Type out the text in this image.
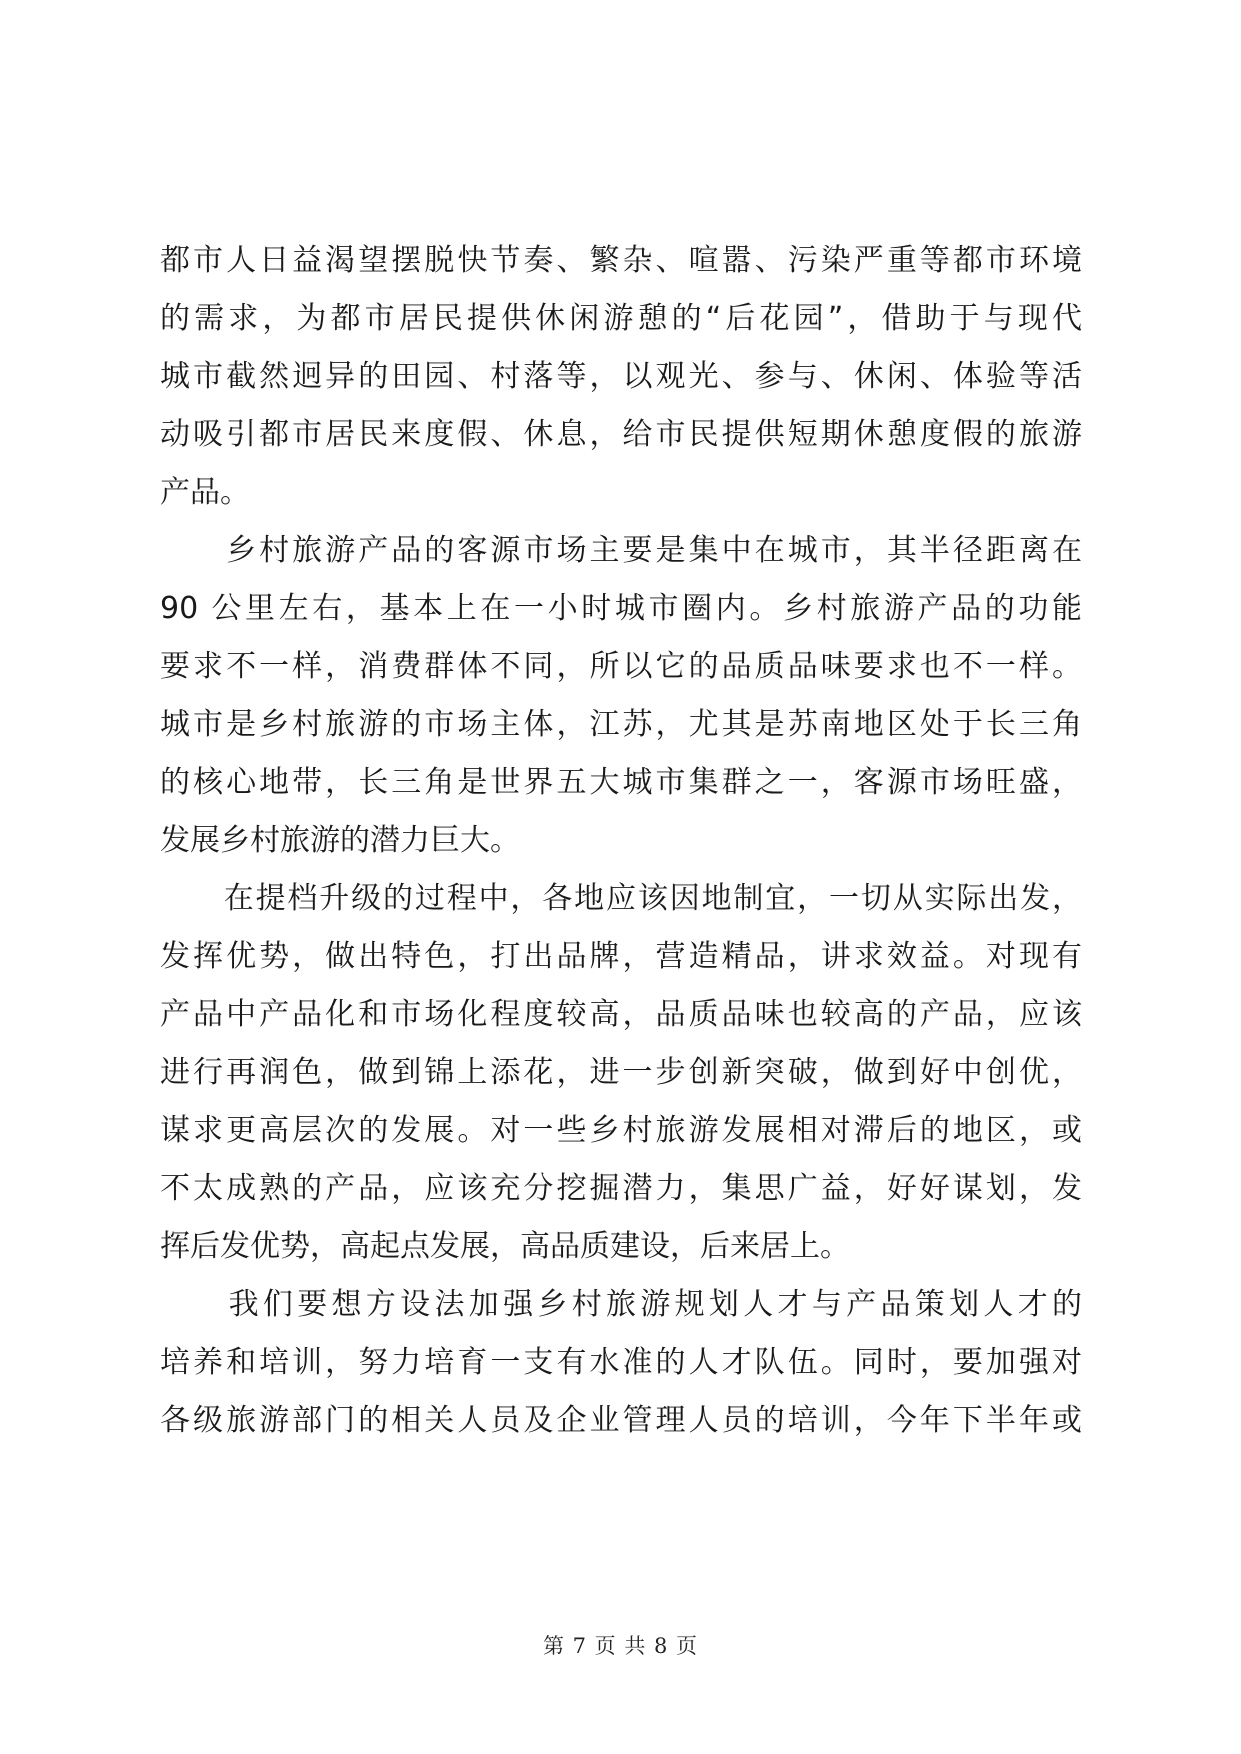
都市人日益渴望摆脱快节奏、繁杂、喧嚣、污染严重等都市环境
的需求，为都市居民提供休闲游憩的“后花园”，借助于与现代
城市截然迥异的田园、村落等，以观光、参与、休闲、体验等活
动吸引都市居民来度假、休息，给市民提供短期休憩度假的旅游
产品。
　　乡村旅游产品的客源市场主要是集中在城市，其半径距离在
90 公里左右，基本上在一小时城市圈内。乡村旅游产品的功能
要求不一样，消费群体不同，所以它的品质品味要求也不一样。
城市是乡村旅游的市场主体，江苏，尤其是苏南地区处于长三角
的核心地带，长三角是世界五大城市集群之一，客源市场旺盛，
发展乡村旅游的潜力巨大。
　　在提档升级的过程中，各地应该因地制宜，一切从实际出发，
发挥优势，做出特色，打出品牌，营造精品，讲求效益。对现有
产品中产品化和市场化程度较高，品质品味也较高的产品，应该
进行再润色，做到锦上添花，进一步创新突破，做到好中创优，
谋求更高层次的发展。对一些乡村旅游发展相对滞后的地区，或
不太成熟的产品，应该充分挖掘潜力，集思广益，好好谋划，发
挥后发优势，高起点发展，高品质建设，后来居上。
　　我们要想方设法加强乡村旅游规划人才与产品策划人才的
培养和培训，努力培育一支有水准的人才队伍。同时，要加强对
各级旅游部门的相关人员及企业管理人员的培训，今年下半年或
第 7 页 共 8 页
